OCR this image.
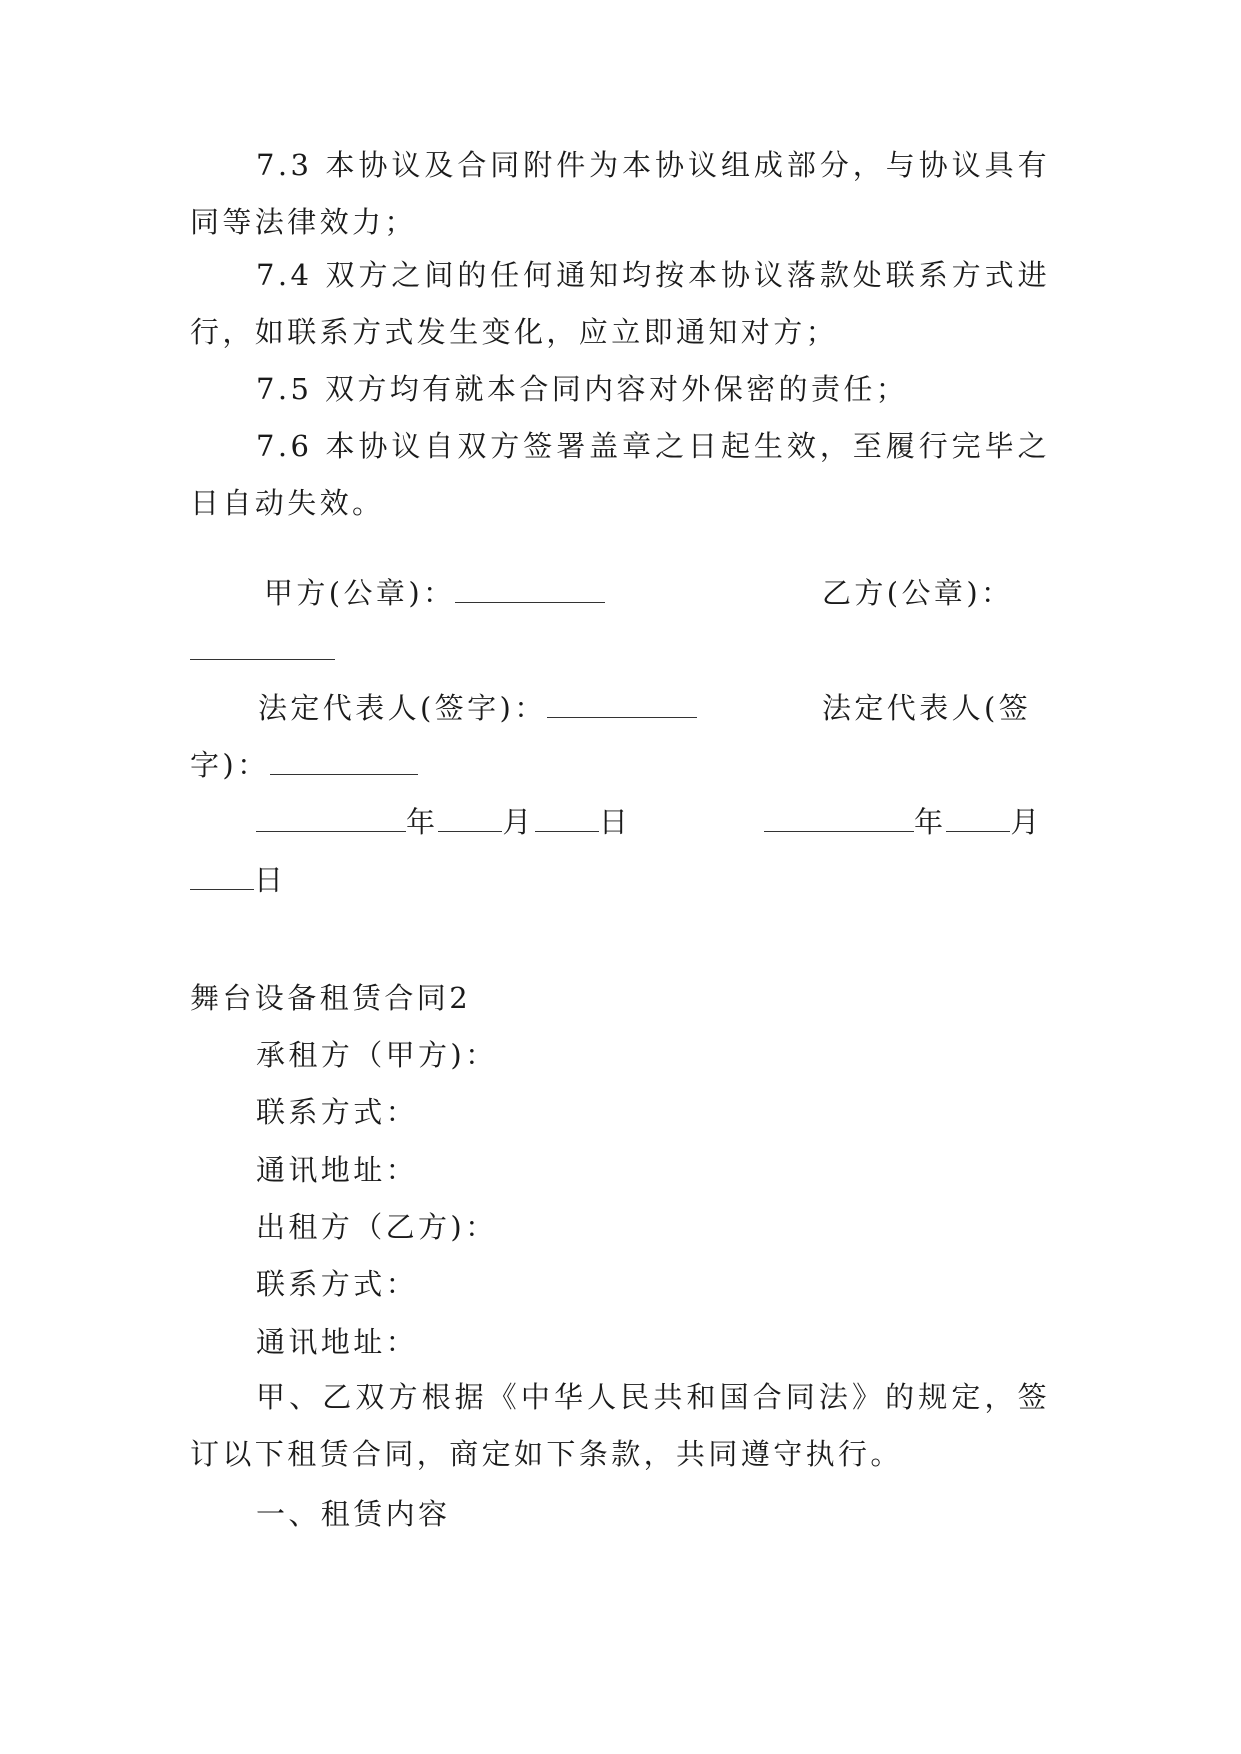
7.3 本协议及合同附件为本协议组成部分，与协议具有同等法律效力；

7.4 双方之间的任何通知均按本协议落款处联系方式进行，如联系方式发生变化，应立即通知对方；

7.5 双方均有就本合同内容对外保密的责任；

7.6 本协议自双方签署盖章之日起生效，至履行完毕之日自动失效。

甲方(公章)：	乙方(公章)：
法定代表人(签字)：	法定代表人(签
字)：
年 月 日	年 月
日
舞台设备租赁合同2
承租方（甲方)：
联系方式：
通讯地址：
出租方（乙方)：
联系方式：
通讯地址：

甲、乙双方根据《中华人民共和国合同法》的规定，签订以下租赁合同，商定如下条款，共同遵守执行。

一、租赁内容
